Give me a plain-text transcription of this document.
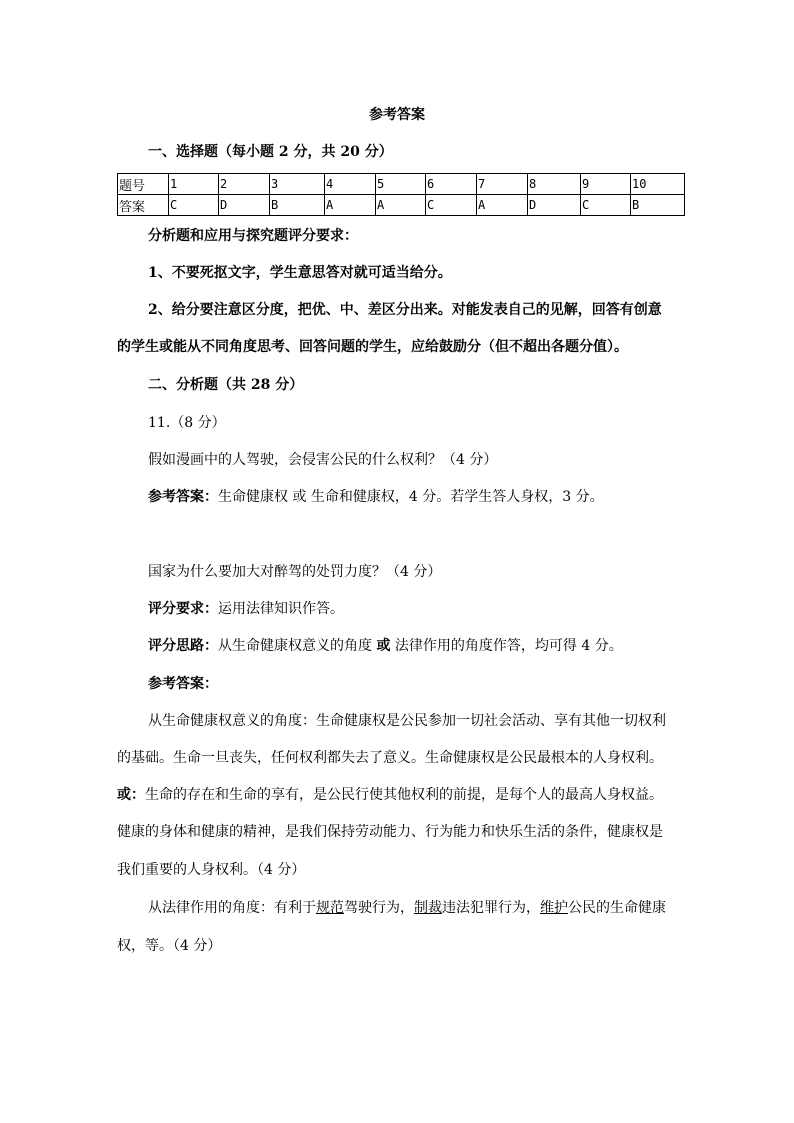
参考答案
一、选择题（每小题 2 分，共 20 分）
题号	1	2	3	4	5	6	7	8	9	10
答案	C	D	B	A	A	C	A	D	C	B
分析题和应用与探究题评分要求：
1、不要死抠文字，学生意思答对就可适当给分。
2、给分要注意区分度，把优、中、差区分出来。对能发表自己的见解，回答有创意
的学生或能从不同角度思考、回答问题的学生，应给鼓励分（但不超出各题分值）。
二、分析题（共 28 分）
11.（8 分）
假如漫画中的人驾驶，会侵害公民的什么权利？（4 分）
参考答案：生命健康权 或 生命和健康权，4 分。若学生答人身权，3 分。
国家为什么要加大对醉驾的处罚力度？（4 分）
评分要求：运用法律知识作答。
评分思路：从生命健康权意义的角度 或 法律作用的角度作答，均可得 4 分。
参考答案：
从生命健康权意义的角度：生命健康权是公民参加一切社会活动、享有其他一切权利
的基础。生命一旦丧失，任何权利都失去了意义。生命健康权是公民最根本的人身权利。
或：生命的存在和生命的享有，是公民行使其他权利的前提，是每个人的最高人身权益。
健康的身体和健康的精神，是我们保持劳动能力、行为能力和快乐生活的条件，健康权是
我们重要的人身权利。（4 分）
从法律作用的角度：有利于规范驾驶行为，制裁违法犯罪行为，维护公民的生命健康
权，等。（4 分）
